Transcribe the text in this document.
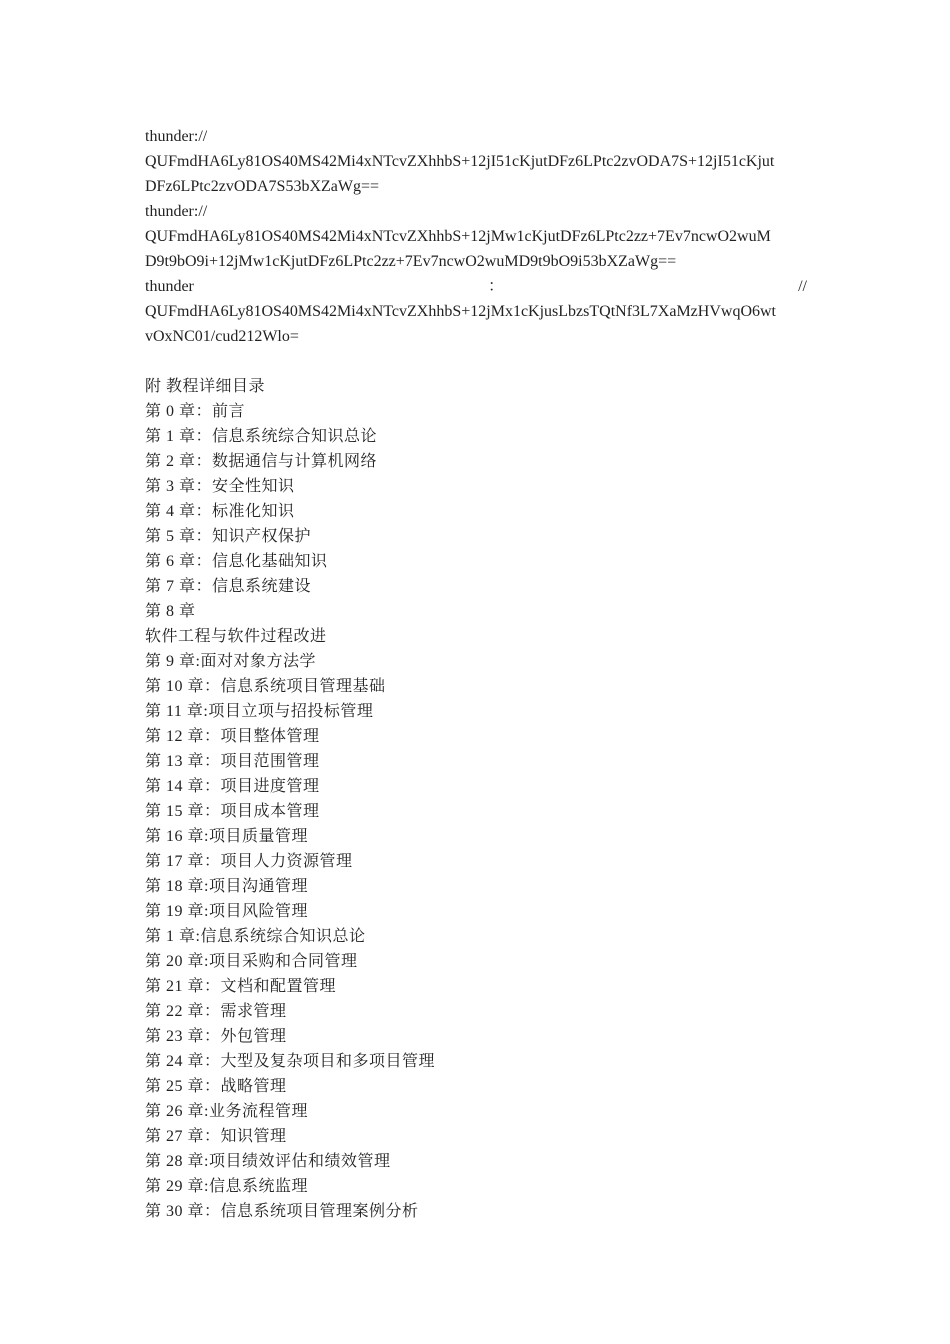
thunder://
QUFmdHA6Ly81OS40MS42Mi4xNTcvZXhhbS+12jI51cKjutDFz6LPtc2zvODA7S+12jI51cKjut
DFz6LPtc2zvODA7S53bXZaWg==
thunder://
QUFmdHA6Ly81OS40MS42Mi4xNTcvZXhhbS+12jMw1cKjutDFz6LPtc2zz+7Ev7ncwO2wuM
D9t9bO9i+12jMw1cKjutDFz6LPtc2zz+7Ev7ncwO2wuMD9t9bO9i53bXZaWg==
thunder	：	//
QUFmdHA6Ly81OS40MS42Mi4xNTcvZXhhbS+12jMx1cKjusLbzsTQtNf3L7XaMzHVwqO6wt
vOxNC01/cud212Wlo=
附 教程详细目录
第 0 章：前言
第 1 章：信息系统综合知识总论
第 2 章：数据通信与计算机网络
第 3 章：安全性知识
第 4 章：标准化知识
第 5 章：知识产权保护
第 6 章：信息化基础知识
第 7 章：信息系统建设
第 8 章
软件工程与软件过程改进
第 9 章:面对对象方法学
第 10 章：信息系统项目管理基础
第 11 章:项目立项与招投标管理
第 12 章：项目整体管理
第 13 章：项目范围管理
第 14 章：项目进度管理
第 15 章：项目成本管理
第 16 章:项目质量管理
第 17 章：项目人力资源管理
第 18 章:项目沟通管理
第 19 章:项目风险管理
第 1 章:信息系统综合知识总论
第 20 章:项目采购和合同管理
第 21 章：文档和配置管理
第 22 章：需求管理
第 23 章：外包管理
第 24 章：大型及复杂项目和多项目管理
第 25 章：战略管理
第 26 章:业务流程管理
第 27 章：知识管理
第 28 章:项目绩效评估和绩效管理
第 29 章:信息系统监理
第 30 章：信息系统项目管理案例分析
